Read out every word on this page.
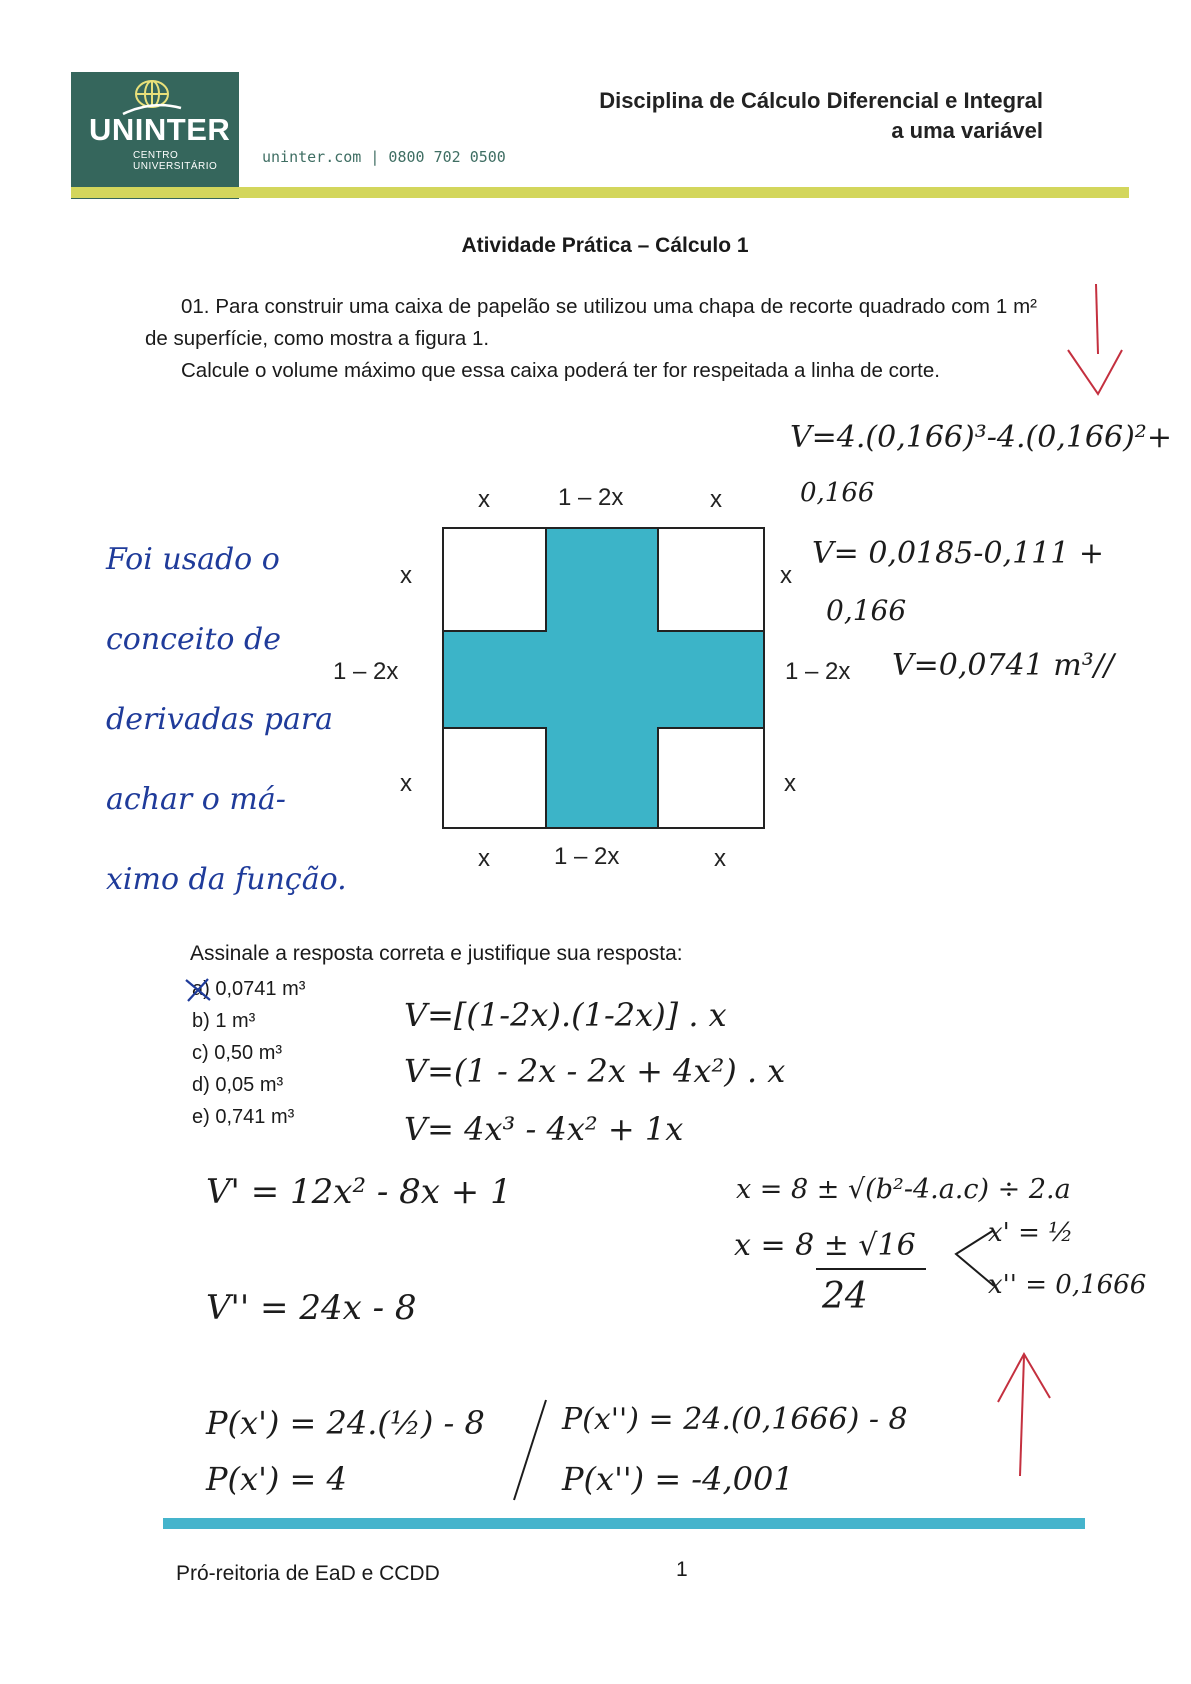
UNINTER
CENTRO
UNIVERSITÁRIO
uninter.com | 0800 702 0500
Disciplina de Cálculo Diferencial e Integral
a uma variável
Atividade Prática – Cálculo 1

01. Para construir uma caixa de papelão se utilizou uma chapa de recorte quadrado com 1 m² de superfície, como mostra a figura 1.

Calcule o volume máximo que essa caixa poderá ter for respeitada a linha de corte.

x	1 – 2x	x
x
1 – 2x
x
x
1 – 2x
x
x	1 – 2x	x
Assinale a resposta correta e justifique sua resposta:
a) 0,0741 m³
b) 1 m³
c) 0,50 m³
d) 0,05 m³
e) 0,741 m³
Foi usado o
conceito de
derivadas para
achar o má-
ximo da função.
V=4.(0,166)³-4.(0,166)²+
0,166
V= 0,0185-0,111 +
0,166
V=0,0741 m³//
V=[(1-2x).(1-2x)] . x
V=(1 - 2x - 2x + 4x²) . x
V= 4x³ - 4x² + 1x
V' = 12x² - 8x + 1
V'' = 24x - 8
x = 8 ± √(b²-4.a.c) ÷ 2.a
x = 8 ± √16
24
x' = ½
x'' = 0,1666
P(x') = 24.(½) - 8
P(x') = 4
P(x'') = 24.(0,1666) - 8
P(x'') = -4,001
Pró-reitoria de EaD e CCDD	1
